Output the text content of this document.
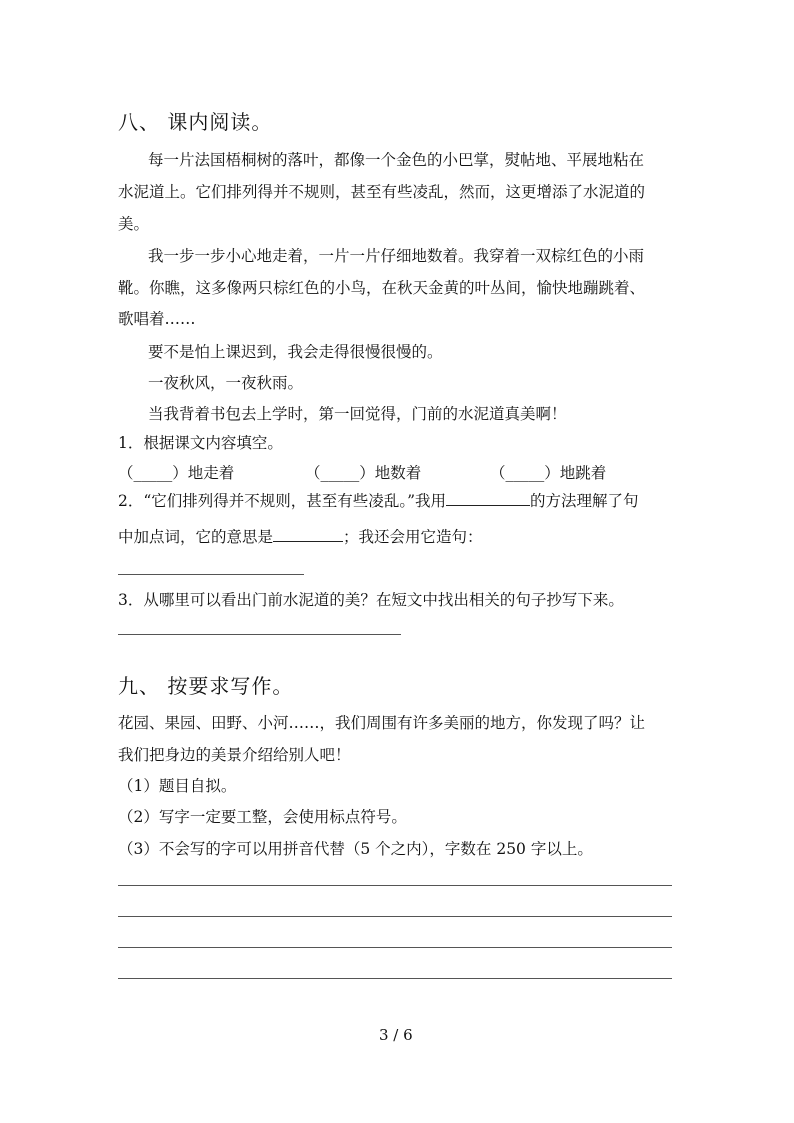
八、 课内阅读。
每一片法国梧桐树的落叶，都像一个金色的小巴掌，熨帖地、平展地粘在
水泥道上。它们排列得并不规则，甚至有些凌乱，然而，这更增添了水泥道的
美。
我一步一步小心地走着，一片一片仔细地数着。我穿着一双棕红色的小雨
靴。你瞧，这多像两只棕红色的小鸟，在秋天金黄的叶丛间，愉快地蹦跳着、
歌唱着……
要不是怕上课迟到，我会走得很慢很慢的。
一夜秋风，一夜秋雨。
当我背着书包去上学时，第一回觉得，门前的水泥道真美啊！
1．根据课文内容填空。
（_____）地走着	（_____）地数着	（_____）地跳着
2．“它们排列得并不规则，甚至有些凌乱。”我用	的方法理解了句
中加点词，它的意思是	；我还会用它造句：
3．从哪里可以看出门前水泥道的美？在短文中找出相关的句子抄写下来。
九、 按要求写作。
花园、果园、田野、小河……，我们周围有许多美丽的地方，你发现了吗？让
我们把身边的美景介绍给别人吧！
（1）题目自拟。
（2）写字一定要工整，会使用标点符号。
（3）不会写的字可以用拼音代替（5 个之内），字数在 250 字以上。
3 / 6
